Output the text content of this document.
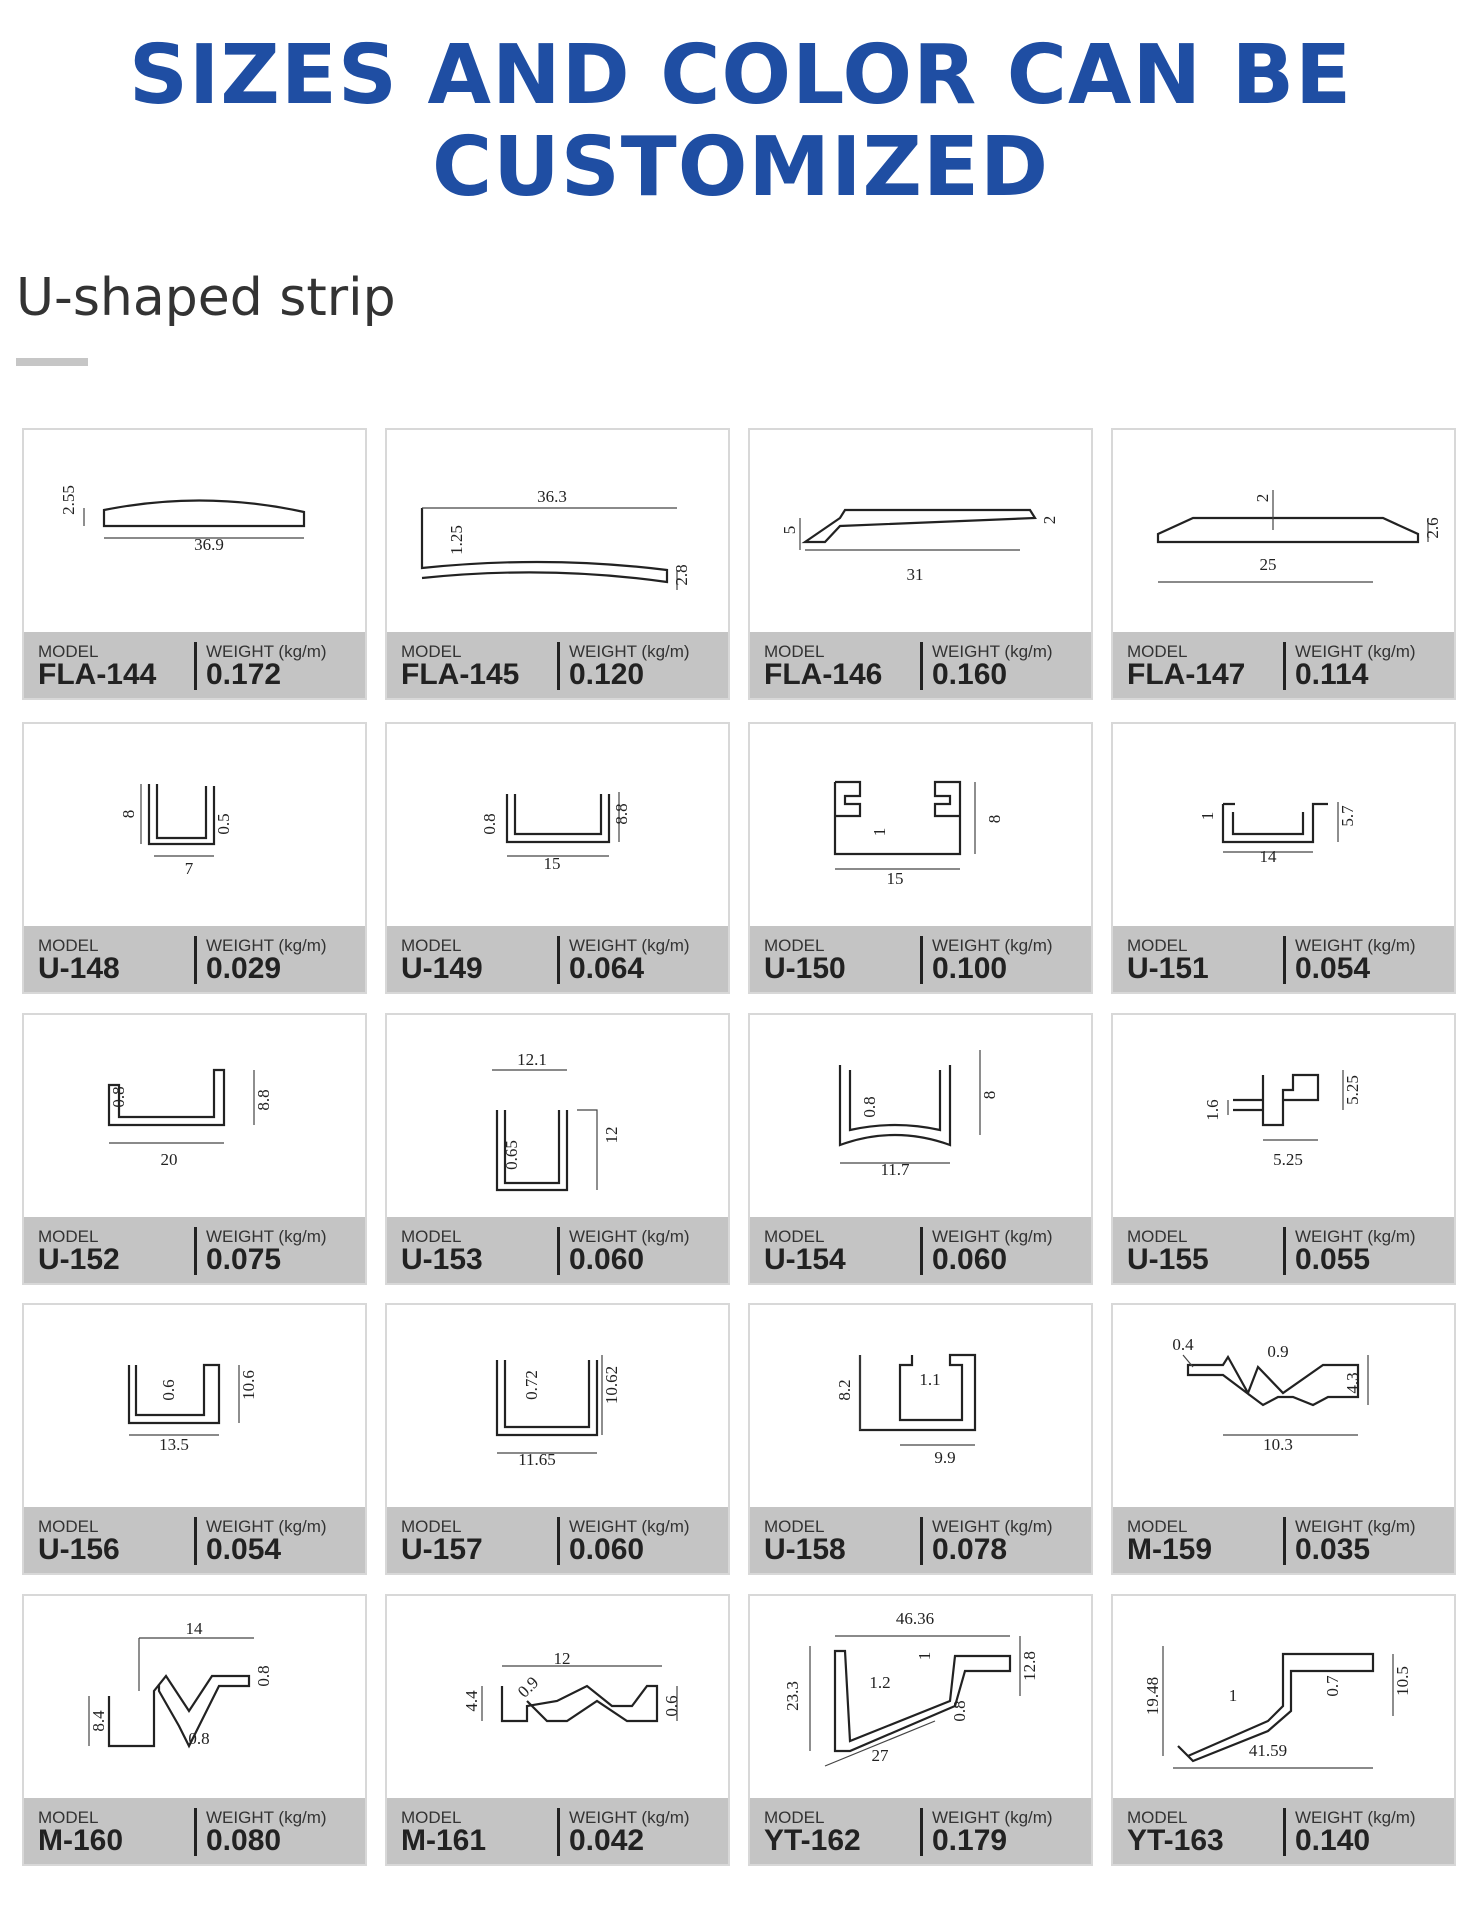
SIZES AND COLOR CAN BE
CUSTOMIZED
U-shaped strip
2.55
36.9
MODEL
FLA-144
WEIGHT (kg/m)
0.172
36.3
1.25
2.8
MODEL
FLA-145
WEIGHT (kg/m)
0.120
5
2
31
MODEL
FLA-146
WEIGHT (kg/m)
0.160
2
2.6
25
MODEL
FLA-147
WEIGHT (kg/m)
0.114
8	0.5
7
MODEL
U-148
WEIGHT (kg/m)
0.029
0.8	8.8
15
MODEL
U-149
WEIGHT (kg/m)
0.064
1
8
15
MODEL
U-150
WEIGHT (kg/m)
0.100
1	5.7
14
MODEL
U-151
WEIGHT (kg/m)
0.054
0.8	8.8
20
MODEL
U-152
WEIGHT (kg/m)
0.075
12.1
0.65
12
MODEL
U-153
WEIGHT (kg/m)
0.060
0.8
8
11.7
MODEL
U-154
WEIGHT (kg/m)
0.060
1.6
5.25
5.25
MODEL
U-155
WEIGHT (kg/m)
0.055
0.6	10.6
13.5
MODEL
U-156
WEIGHT (kg/m)
0.054
0.72	10.62
11.65
MODEL
U-157
WEIGHT (kg/m)
0.060
8.2	1.1
9.9
MODEL
U-158
WEIGHT (kg/m)
0.078
0.4	0.9
4.3
10.3
MODEL
M-159
WEIGHT (kg/m)
0.035
14
0.8
8.4
0.8
MODEL
M-160
WEIGHT (kg/m)
0.080
12
0.9
4.4	0.6
MODEL
M-161
WEIGHT (kg/m)
0.042
46.36
1	12.8
23.3	1.2
0.8
27
MODEL
YT-162
WEIGHT (kg/m)
0.179
19.48	1	0.7	10.5
41.59
MODEL
YT-163
WEIGHT (kg/m)
0.140
